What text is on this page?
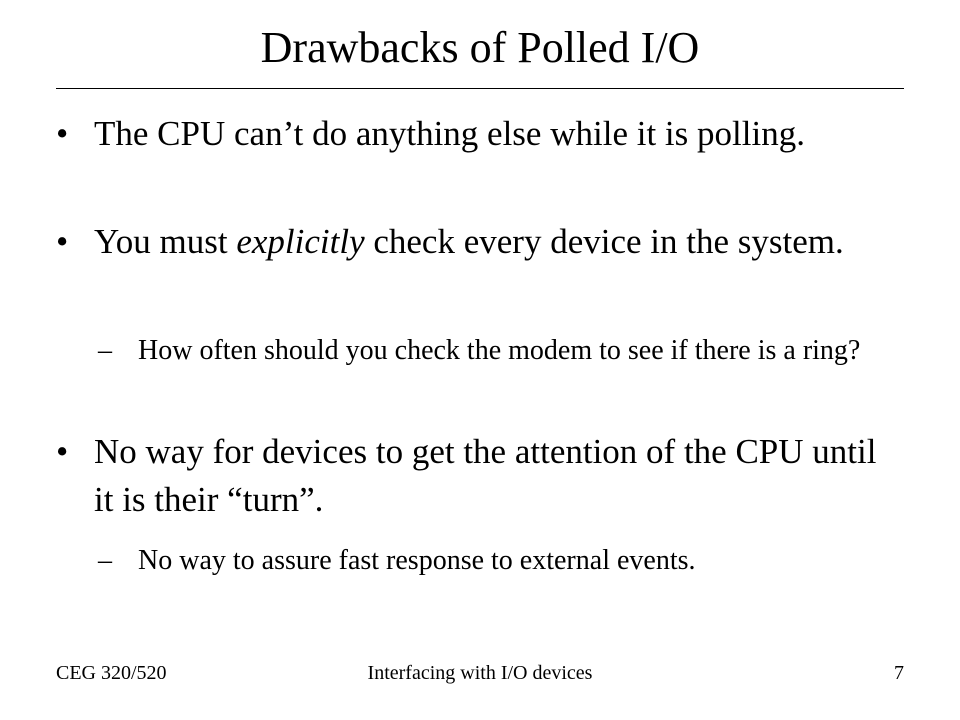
Drawbacks of Polled I/O
• The CPU can’t do anything else while it is polling.
• You must explicitly check every device in the system.
– How often should you check the modem to see if there is a ring?
• No way for devices to get the attention of the CPU until it is their “turn”.
– No way to assure fast response to external events.
CEG 320/520	Interfacing with I/O devices	7
